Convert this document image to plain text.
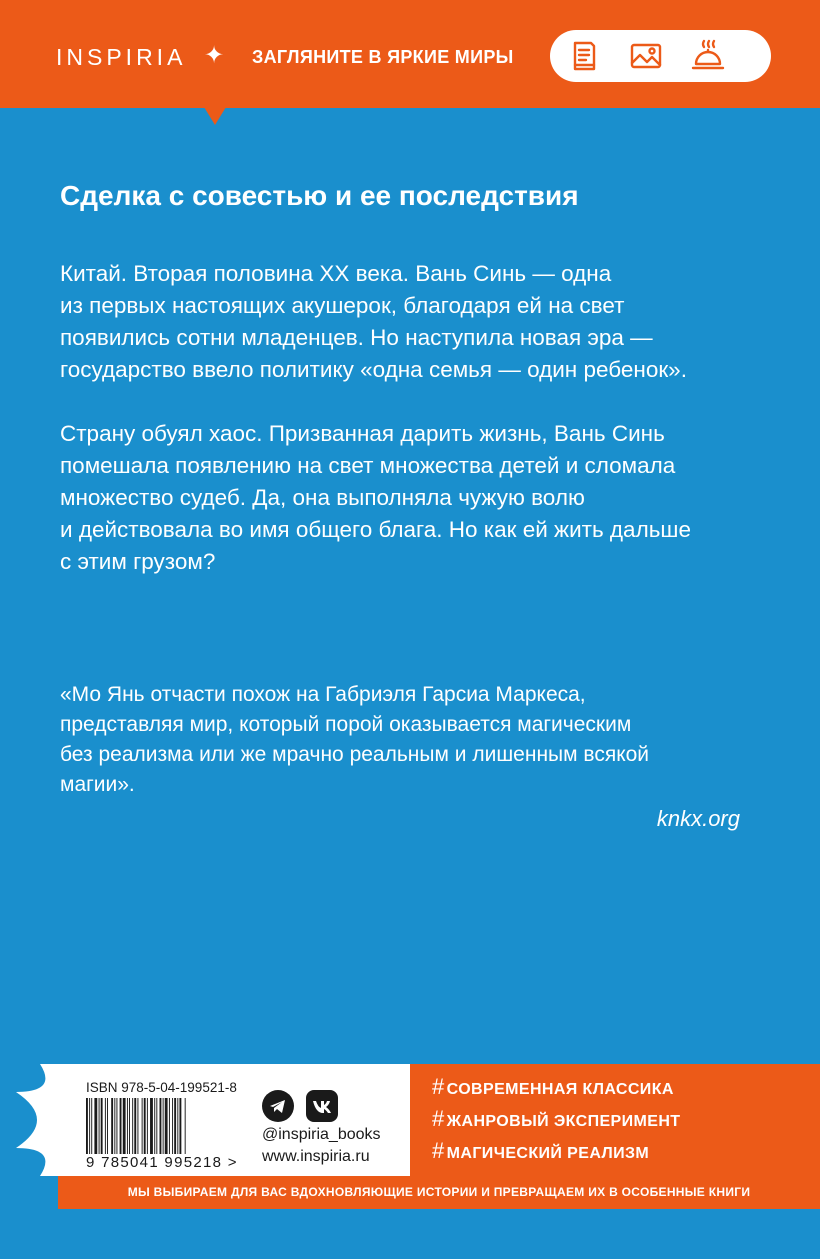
INSPIRIA ✦ ЗАГЛЯНИТЕ В ЯРКИЕ МИРЫ
Сделка с совестью и ее последствия

Китай. Вторая половина ХХ века. Вань Синь — одна
из первых настоящих акушерок, благодаря ей на свет
появились сотни младенцев. Но наступила новая эра —
государство ввело политику «одна семья — один ребенок».

Страну обуял хаос. Призванная дарить жизнь, Вань Синь
помешала появлению на свет множества детей и сломала
множество судеб. Да, она выполняла чужую волю
и действовала во имя общего блага. Но как ей жить дальше
с этим грузом?

«Мо Янь отчасти похож на Габриэля Гарсиа Маркеса,
представляя мир, который порой оказывается магическим
без реализма или же мрачно реальным и лишенным всякой
магии».

knkx.org
ISBN 978-5-04-199521-8
9 785041 995218 >
@inspiria_books
www.inspiria.ru
# СОВРЕМЕННАЯ КЛАССИКА
# ЖАНРОВЫЙ ЭКСПЕРИМЕНТ
# МАГИЧЕСКИЙ РЕАЛИЗМ
МЫ ВЫБИРАЕМ ДЛЯ ВАС ВДОХНОВЛЯЮЩИЕ ИСТОРИИ И ПРЕВРАЩАЕМ ИХ В ОСОБЕННЫЕ КНИГИ
